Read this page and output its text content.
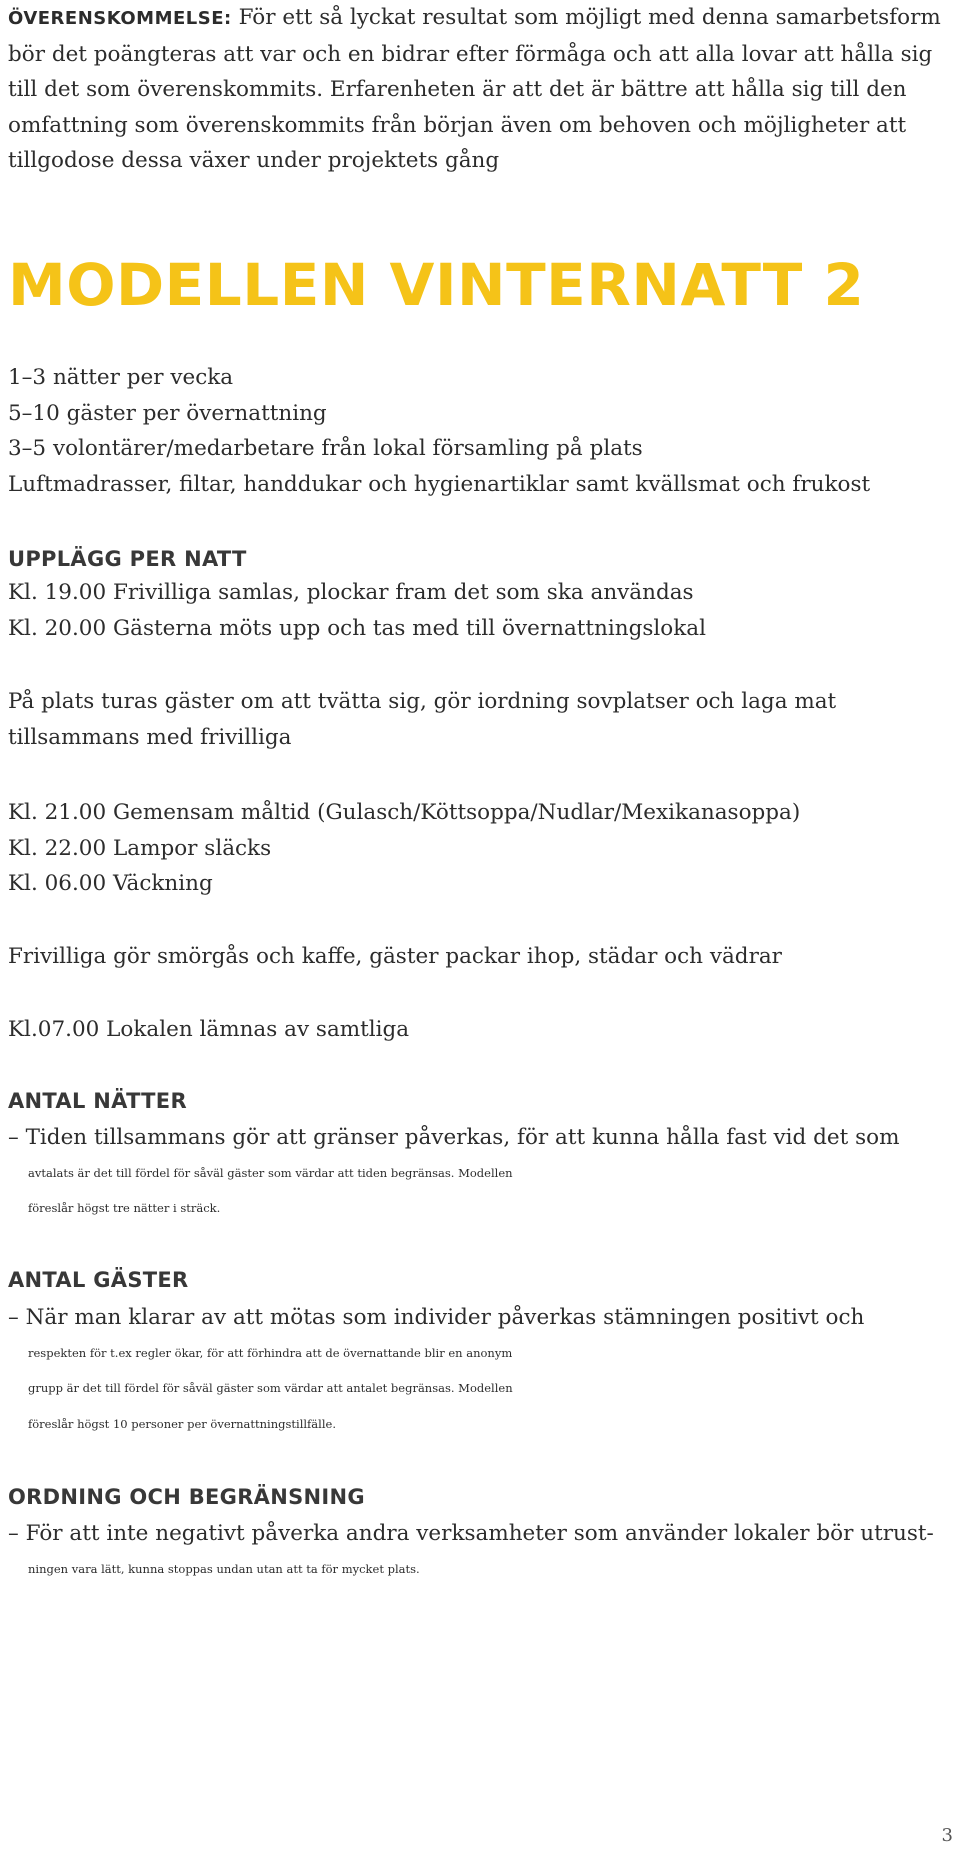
ÖVERENSKOMMELSE: För ett så lyckat resultat som möjligt med denna samarbetsform
bör det poängteras att var och en bidrar efter förmåga och att alla lovar att hålla sig
till det som överenskommits. Erfarenheten är att det är bättre att hålla sig till den
omfattning som överenskommits från början även om behoven och möjligheter att
tillgodose dessa växer under projektets gång
MODELLEN VINTERNATT 2
1–3 nätter per vecka
5–10 gäster per övernattning
3–5 volontärer/medarbetare från lokal församling på plats
Luftmadrasser, filtar, handdukar och hygienartiklar samt kvällsmat och frukost
UPPLÄGG PER NATT
Kl. 19.00 Frivilliga samlas, plockar fram det som ska användas
Kl. 20.00 Gästerna möts upp och tas med till övernattningslokal
På plats turas gäster om att tvätta sig, gör iordning sovplatser och laga mat
tillsammans med frivilliga
Kl. 21.00 Gemensam måltid (Gulasch/Köttsoppa/Nudlar/Mexikanasoppa)
Kl. 22.00 Lampor släcks
Kl. 06.00 Väckning
Frivilliga gör smörgås och kaffe, gäster packar ihop, städar och vädrar
Kl.07.00 Lokalen lämnas av samtliga
ANTAL NÄTTER
– Tiden tillsammans gör att gränser påverkas, för att kunna hålla fast vid det som
avtalats är det till fördel för såväl gäster som värdar att tiden begränsas. Modellen
föreslår högst tre nätter i sträck.
ANTAL GÄSTER
– När man klarar av att mötas som individer påverkas stämningen positivt och
respekten för t.ex regler ökar, för att förhindra att de övernattande blir en anonym
grupp är det till fördel för såväl gäster som värdar att antalet begränsas. Modellen
föreslår högst 10 personer per övernattningstillfälle.
ORDNING OCH BEGRÄNSNING
– För att inte negativt påverka andra verksamheter som använder lokaler bör utrust-
ningen vara lätt, kunna stoppas undan utan att ta för mycket plats.
3
